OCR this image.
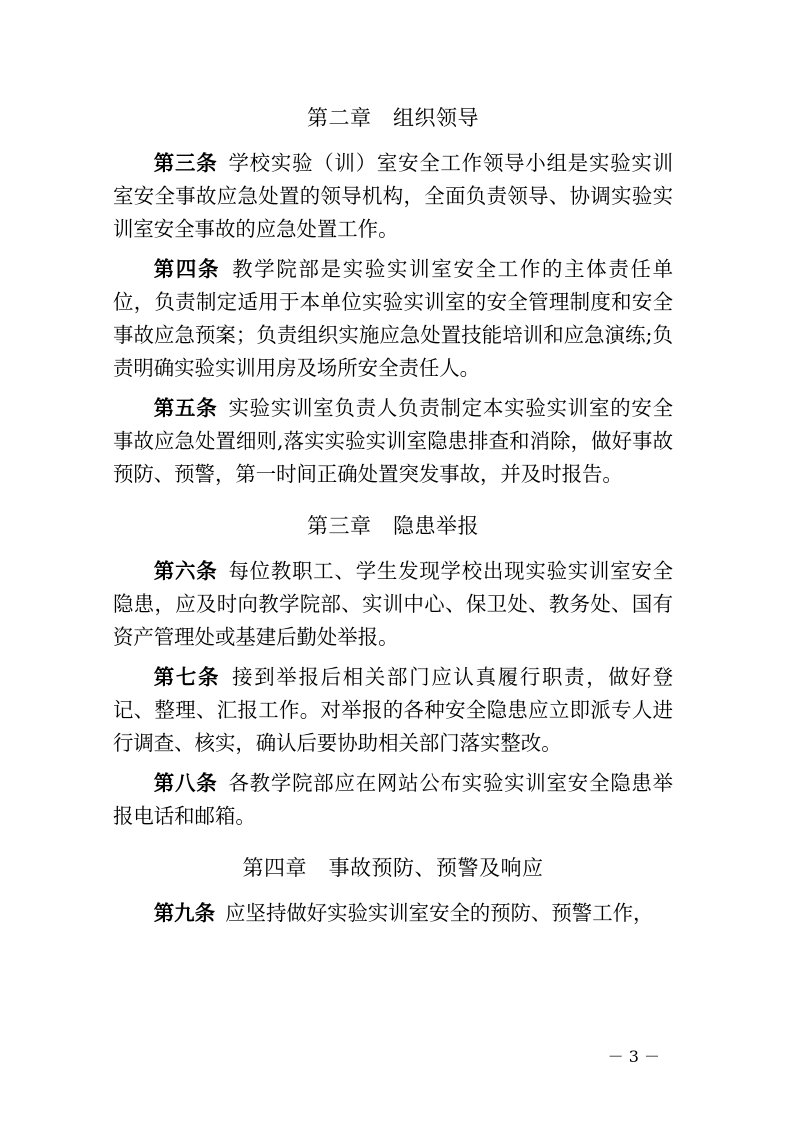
第二章　组织领导

第三条  学校实验（训）室安全工作领导小组是实验实训室安全事故应急处置的领导机构，全面负责领导、协调实验实训室安全事故的应急处置工作。

第四条  教学院部是实验实训室安全工作的主体责任单位，负责制定适用于本单位实验实训室的安全管理制度和安全事故应急预案；负责组织实施应急处置技能培训和应急演练;负责明确实验实训用房及场所安全责任人。

第五条  实验实训室负责人负责制定本实验实训室的安全事故应急处置细则,落实实验实训室隐患排查和消除，做好事故预防、预警，第一时间正确处置突发事故，并及时报告。

第三章　隐患举报

第六条  每位教职工、学生发现学校出现实验实训室安全隐患，应及时向教学院部、实训中心、保卫处、教务处、国有资产管理处或基建后勤处举报。

第七条  接到举报后相关部门应认真履行职责，做好登记、整理、汇报工作。对举报的各种安全隐患应立即派专人进行调查、核实，确认后要协助相关部门落实整改。

第八条  各教学院部应在网站公布实验实训室安全隐患举报电话和邮箱。

第四章　事故预防、预警及响应

第九条  应坚持做好实验实训室安全的预防、预警工作，

－ 3 －
